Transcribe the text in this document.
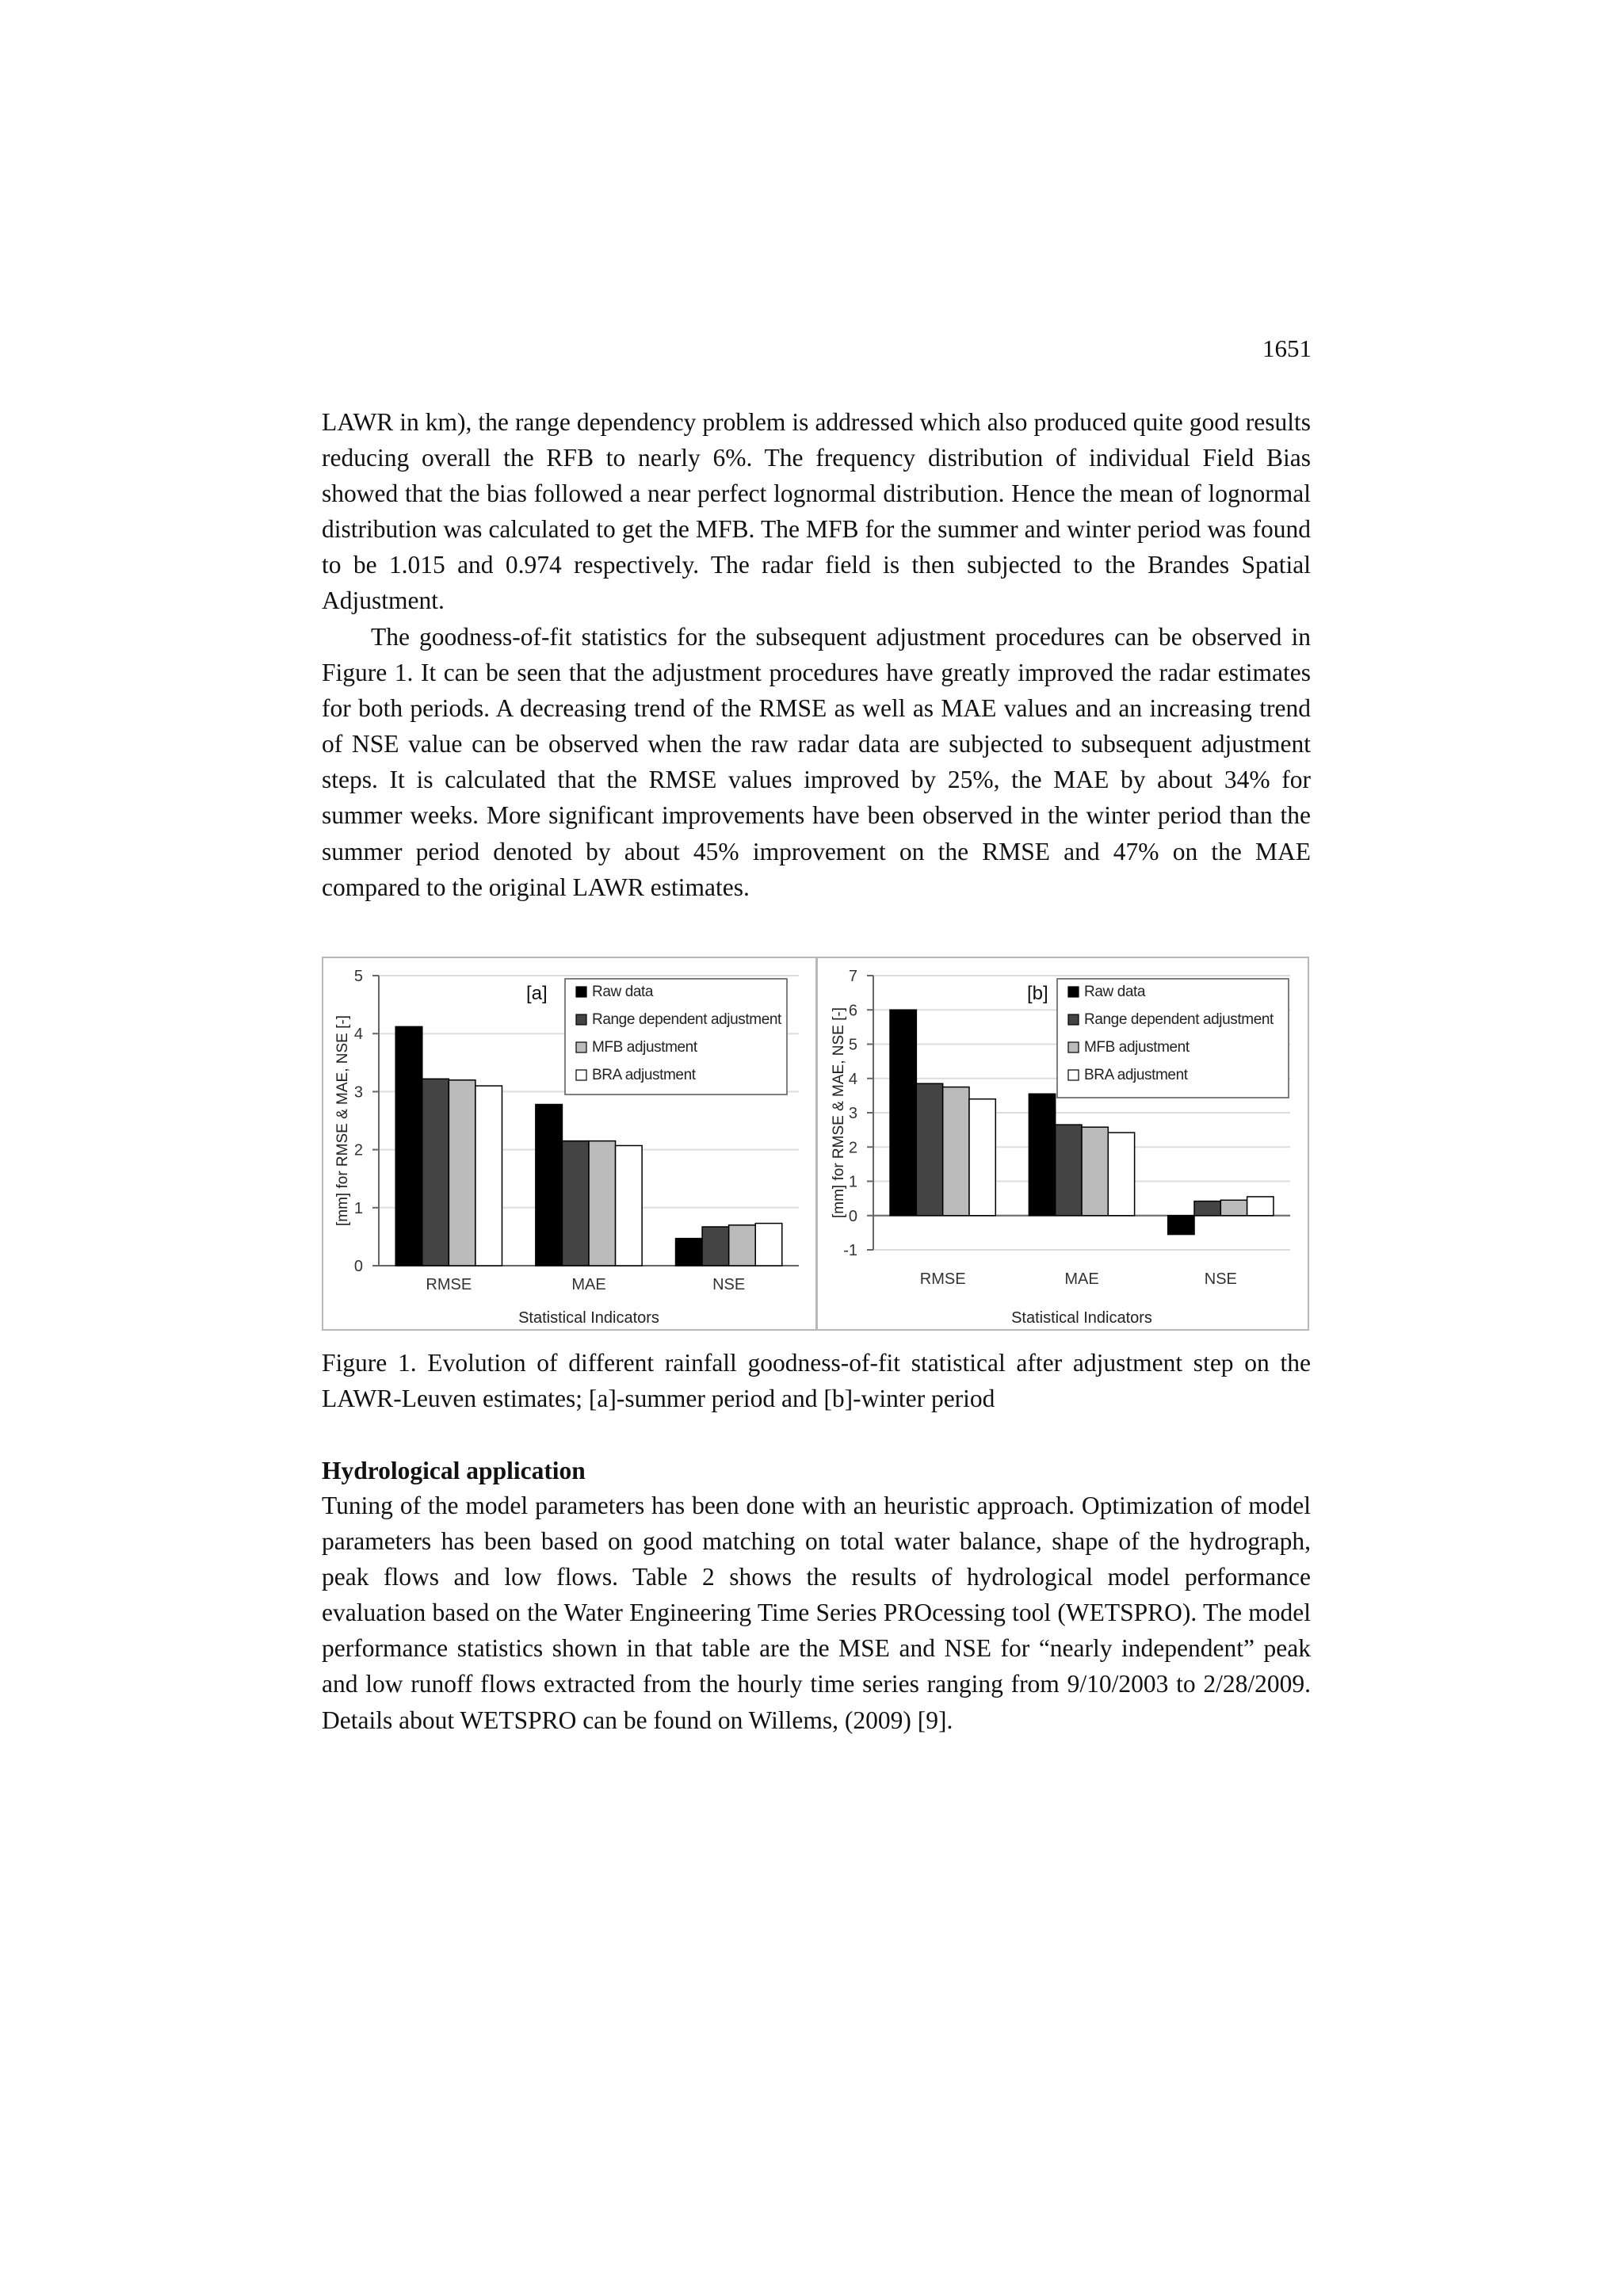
1651

LAWR in km), the range dependency problem is addressed which also produced quite good results reducing overall the RFB to nearly 6%. The frequency distribution of individual Field Bias showed that the bias followed a near perfect lognormal distribution. Hence the mean of lognormal distribution was calculated to get the MFB. The MFB for the summer and winter period was found to be 1.015 and 0.974 respectively. The radar field is then subjected to the Brandes Spatial Adjustment.

The goodness-of-fit statistics for the subsequent adjustment procedures can be observed in Figure 1. It can be seen that the adjustment procedures have greatly improved the radar estimates for both periods. A decreasing trend of the RMSE as well as MAE values and an increasing trend of NSE value can be observed when the raw radar data are subjected to subsequent adjustment steps. It is calculated that the RMSE values improved by 25%, the MAE by about 34% for summer weeks. More significant improvements have been observed in the winter period than the summer period denoted by about 45% improvement on the RMSE and 47% on the MAE compared to the original LAWR estimates.

0
1
2
3
4
5
RMSE	MAE	NSE
[a]	Raw data
Range dependent adjustment
MFB adjustment
BRA adjustment
Statistical Indicators
[mm] for RMSE & MAE, NSE [-]
-1
0
1
2
3
4
5
6
7
RMSE	MAE	NSE
[b] Raw data
Range dependent adjustment
MFB adjustment
BRA adjustment
Statistical Indicators
[mm] for RMSE & MAE, NSE [-]

Figure 1. Evolution of different rainfall goodness-of-fit statistical after adjustment step on the LAWR-Leuven estimates; [a]-summer period and [b]-winter period

Hydrological application

Tuning of the model parameters has been done with an heuristic approach. Optimization of model parameters has been based on good matching on total water balance, shape of the hydrograph, peak flows and low flows. Table 2 shows the results of hydrological model performance evaluation based on the Water Engineering Time Series PROcessing tool (WETSPRO). The model performance statistics shown in that table are the MSE and NSE for “nearly independent” peak and low runoff flows extracted from the hourly time series ranging from 9/10/2003 to 2/28/2009. Details about WETSPRO can be found on Willems, (2009) [9].
